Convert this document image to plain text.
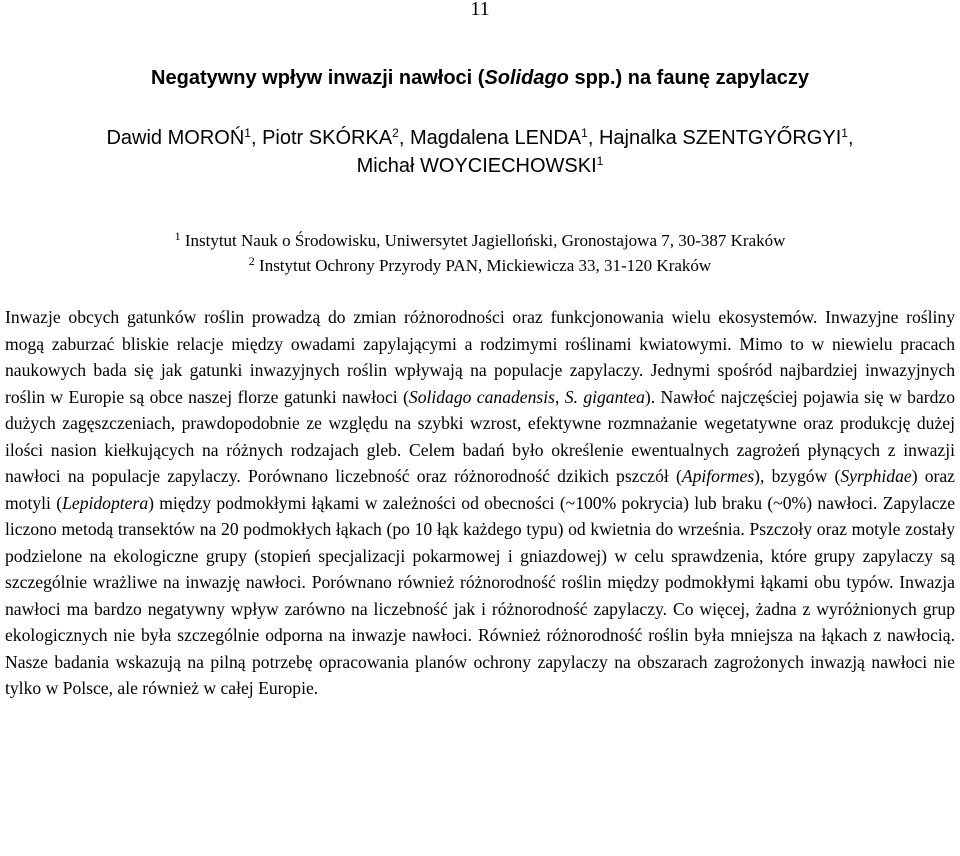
11
Negatywny wpływ inwazji nawłoci (Solidago spp.) na faunę zapylaczy
Dawid MOROŃ$^1$, Piotr SKÓRKA$^2$, Magdalena LENDA$^1$, Hajnalka SZENTGYŐRGYI$^1$,
Michał WOYCIECHOWSKI$^1$
$^1$ Instytut Nauk o Środowisku, Uniwersytet Jagielloński, Gronostajowa 7, 30-387 Kraków
$^2$ Instytut Ochrony Przyrody PAN, Mickiewicza 33, 31-120 Kraków

Inwazje obcych gatunków roślin prowadzą do zmian różnorodności oraz funkcjonowania wielu ekosystemów. Inwazyjne rośliny mogą zaburzać bliskie relacje między owadami zapylającymi a rodzimymi roślinami kwiatowymi. Mimo to w niewielu pracach naukowych bada się jak gatunki inwazyjnych roślin wpływają na populacje zapylaczy. Jednymi spośród najbardziej inwazyjnych roślin w Europie są obce naszej florze gatunki nawłoci (Solidago canadensis, S. gigantea). Nawłoć najczęściej pojawia się w bardzo dużych zagęszczeniach, prawdopodobnie ze względu na szybki wzrost, efektywne rozmnażanie wegetatywne oraz produkcję dużej ilości nasion kiełkujących na różnych rodzajach gleb. Celem badań było określenie ewentualnych zagrożeń płynących z inwazji nawłoci na populacje zapylaczy. Porównano liczebność oraz różnorodność dzikich pszczół (Apiformes), bzygów (Syrphidae) oraz motyli (Lepidoptera) między podmokłymi łąkami w zależności od obecności (~100% pokrycia) lub braku (~0%) nawłoci. Zapylacze liczono metodą transektów na 20 podmokłych łąkach (po 10 łąk każdego typu) od kwietnia do września. Pszczoły oraz motyle zostały podzielone na ekologiczne grupy (stopień specjalizacji pokarmowej i gniazdowej) w celu sprawdzenia, które grupy zapylaczy są szczególnie wrażliwe na inwazję nawłoci. Porównano również różnorodność roślin między podmokłymi łąkami obu typów. Inwazja nawłoci ma bardzo negatywny wpływ zarówno na liczebność jak i różnorodność zapylaczy. Co więcej, żadna z wyróżnionych grup ekologicznych nie była szczególnie odporna na inwazje nawłoci. Również różnorodność roślin była mniejsza na łąkach z nawłocią. Nasze badania wskazują na pilną potrzebę opracowania planów ochrony zapylaczy na obszarach zagrożonych inwazją nawłoci nie tylko w Polsce, ale również w całej Europie.
